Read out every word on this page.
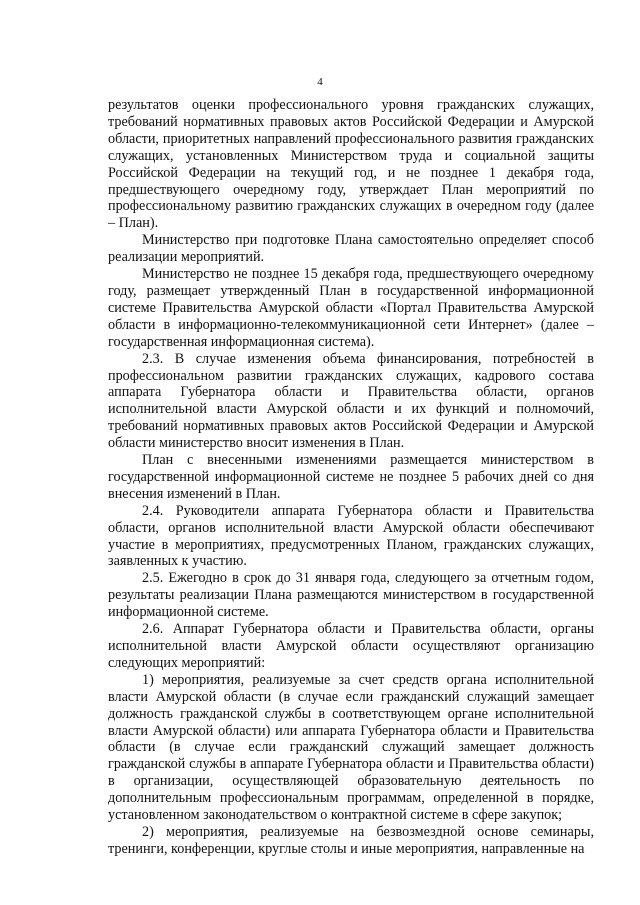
4

результатов оценки профессионального уровня гражданских служащих, требований нормативных правовых актов Российской Федерации и Амурской области, приоритетных направлений профессионального развития гражданских служащих, установленных Министерством труда и социальной защиты Российской Федерации на текущий год, и не позднее 1 декабря года, предшествующего очередному году, утверждает План мероприятий по профессиональному развитию гражданских служащих в очередном году (далее – План).

Министерство при подготовке Плана самостоятельно определяет способ реализации мероприятий.

Министерство не позднее 15 декабря года, предшествующего очередному году, размещает утвержденный План в государственной информационной системе Правительства Амурской области «Портал Правительства Амурской области в информационно-телекоммуникационной сети Интернет» (далее – государственная информационная система).

2.3. В случае изменения объема финансирования, потребностей в профессиональном развитии гражданских служащих, кадрового состава аппарата Губернатора области и Правительства области, органов исполнительной власти Амурской области и их функций и полномочий, требований нормативных правовых актов Российской Федерации и Амурской области министерство вносит изменения в План.

План с внесенными изменениями размещается министерством в государственной информационной системе не позднее 5 рабочих дней со дня внесения изменений в План.

2.4. Руководители аппарата Губернатора области и Правительства области, органов исполнительной власти Амурской области обеспечивают участие в мероприятиях, предусмотренных Планом, гражданских служащих, заявленных к участию.

2.5. Ежегодно в срок до 31 января года, следующего за отчетным годом, результаты реализации Плана размещаются министерством в государственной информационной системе.

2.6. Аппарат Губернатора области и Правительства области, органы исполнительной власти Амурской области осуществляют организацию следующих мероприятий:

1) мероприятия, реализуемые за счет средств органа исполнительной власти Амурской области (в случае если гражданский служащий замещает должность гражданской службы в соответствующем органе исполнительной власти Амурской области) или аппарата Губернатора области и Правительства области (в случае если гражданский служащий замещает должность гражданской службы в аппарате Губернатора области и Правительства области) в организации, осуществляющей образовательную деятельность по дополнительным профессиональным программам, определенной в порядке, установленном законодательством о контрактной системе в сфере закупок;

2) мероприятия, реализуемые на безвозмездной основе семинары, тренинги, конференции, круглые столы и иные мероприятия, направленные на
